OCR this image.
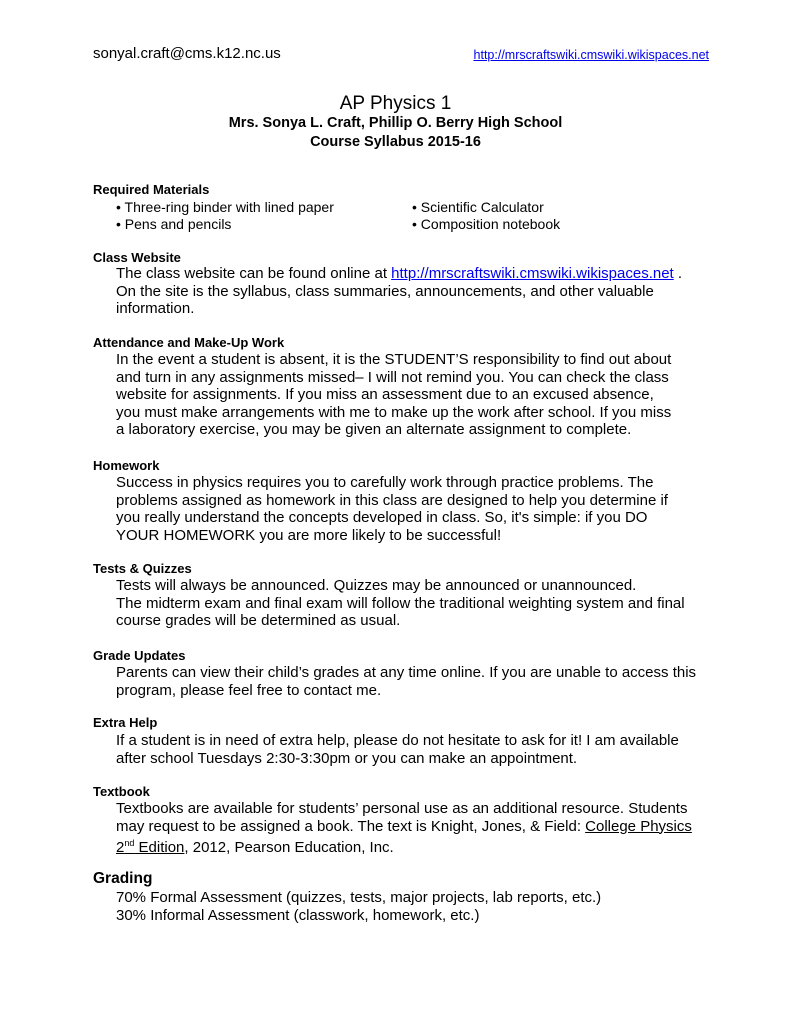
sonyal.craft@cms.k12.nc.us	http://mrscraftswiki.cmswiki.wikispaces.net
AP Physics 1
Mrs. Sonya L. Craft, Phillip O. Berry High School
Course Syllabus 2015-16
Required Materials
• Three-ring binder with lined paper
• Pens and pencils
• Scientific Calculator
• Composition notebook
Class Website
The class website can be found online at http://mrscraftswiki.cmswiki.wikispaces.net .
On the site is the syllabus, class summaries, announcements, and other valuable
information.
Attendance and Make-Up Work
In the event a student is absent, it is the STUDENT’S responsibility to find out about
and turn in any assignments missed– I will not remind you. You can check the class
website for assignments. If you miss an assessment due to an excused absence,
you must make arrangements with me to make up the work after school. If you miss
a laboratory exercise, you may be given an alternate assignment to complete.
Homework
Success in physics requires you to carefully work through practice problems. The
problems assigned as homework in this class are designed to help you determine if
you really understand the concepts developed in class. So, it's simple: if you DO
YOUR HOMEWORK you are more likely to be successful!
Tests & Quizzes
Tests will always be announced. Quizzes may be announced or unannounced.
The midterm exam and final exam will follow the traditional weighting system and final
course grades will be determined as usual.
Grade Updates
Parents can view their child’s grades at any time online. If you are unable to access this
program, please feel free to contact me.
Extra Help
If a student is in need of extra help, please do not hesitate to ask for it! I am available
after school Tuesdays 2:30-3:30pm or you can make an appointment.
Textbook
Textbooks are available for students’ personal use as an additional resource. Students
may request to be assigned a book. The text is Knight, Jones, & Field: College Physics
2nd Edition, 2012, Pearson Education, Inc.
Grading
70% Formal Assessment (quizzes, tests, major projects, lab reports, etc.)
30% Informal Assessment (classwork, homework, etc.)
